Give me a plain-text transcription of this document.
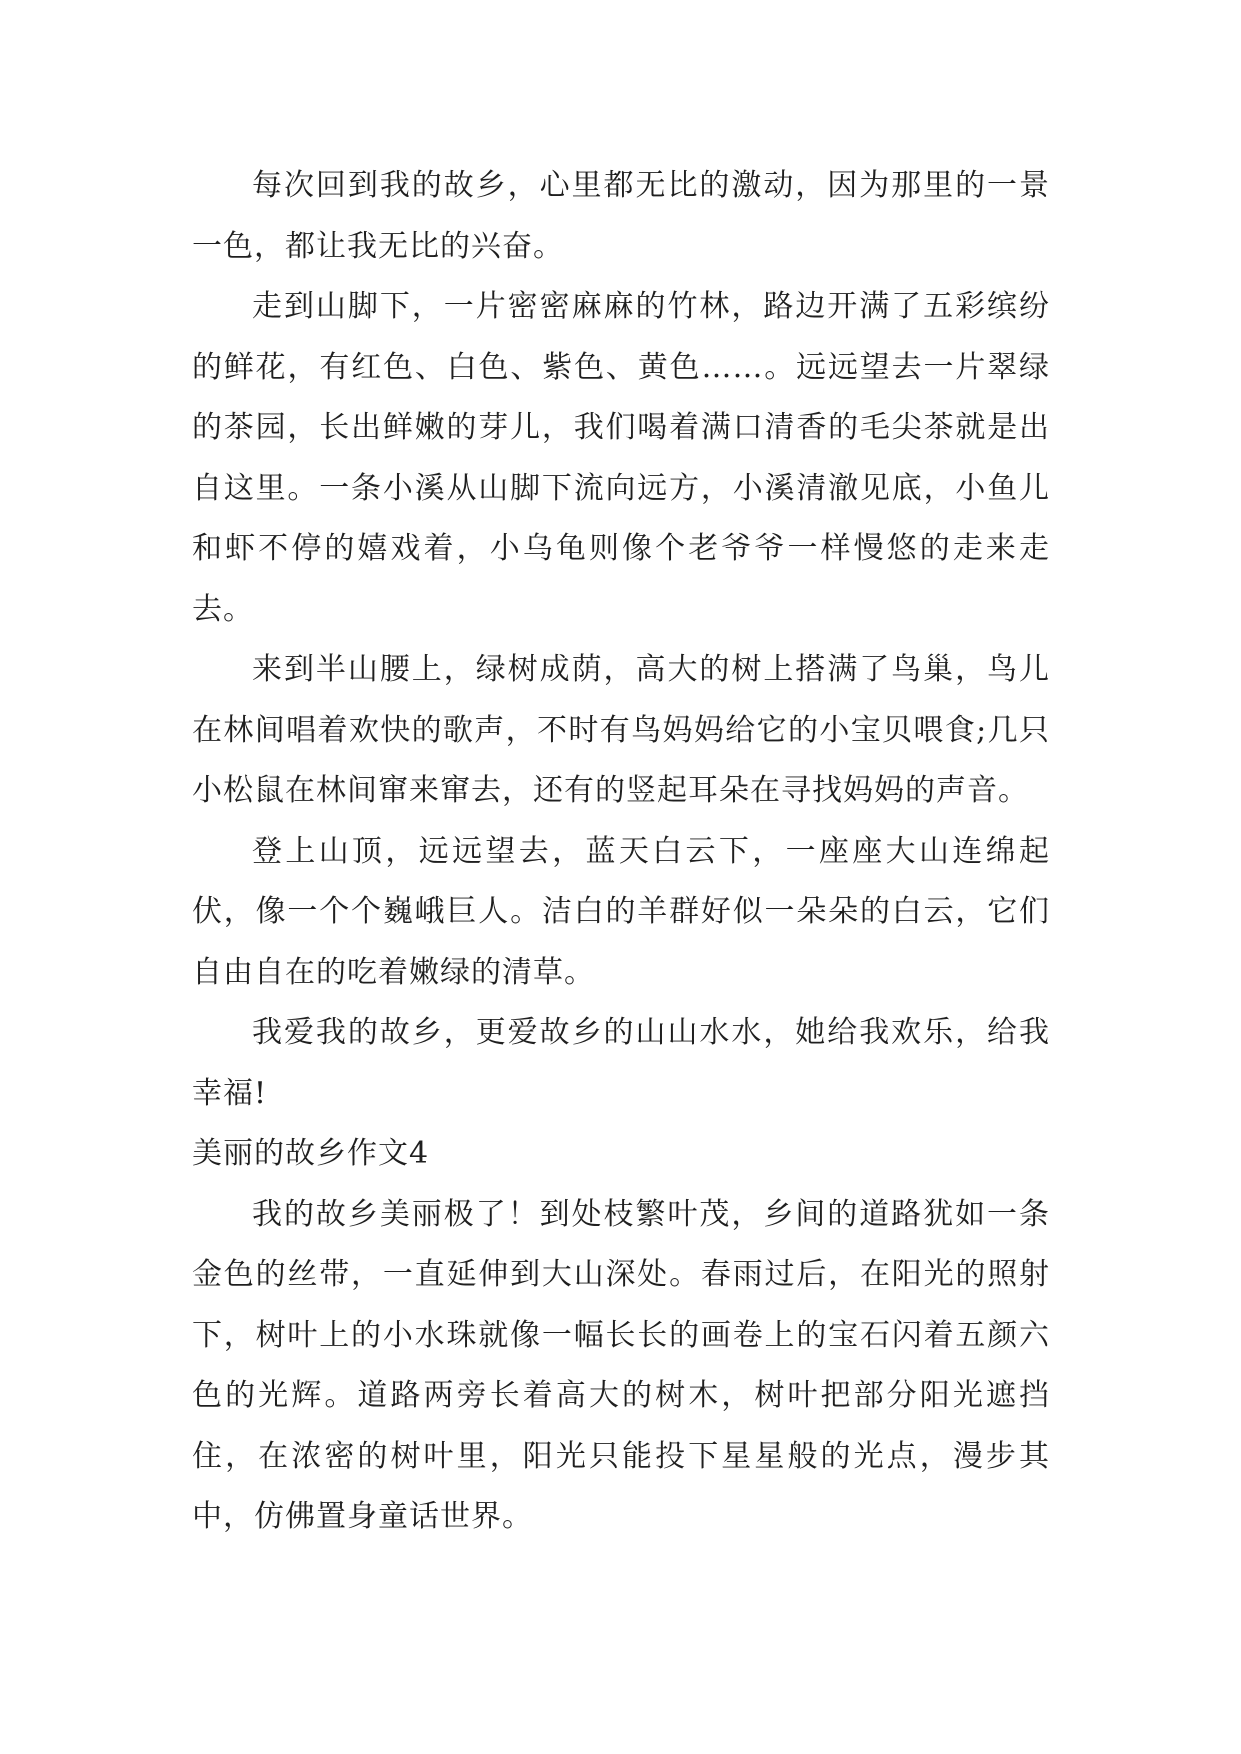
每次回到我的故乡，心里都无比的激动，因为那里的一景一色，都让我无比的兴奋。

走到山脚下，一片密密麻麻的竹林，路边开满了五彩缤纷的鲜花，有红色、白色、紫色、黄色……。远远望去一片翠绿的茶园，长出鲜嫩的芽儿，我们喝着满口清香的毛尖茶就是出自这里。一条小溪从山脚下流向远方，小溪清澈见底，小鱼儿和虾不停的嬉戏着，小乌龟则像个老爷爷一样慢悠的走来走去。

来到半山腰上，绿树成荫，高大的树上搭满了鸟巢，鸟儿在林间唱着欢快的歌声，不时有鸟妈妈给它的小宝贝喂食;几只小松鼠在林间窜来窜去，还有的竖起耳朵在寻找妈妈的声音。

登上山顶，远远望去，蓝天白云下，一座座大山连绵起伏，像一个个巍峨巨人。洁白的羊群好似一朵朵的白云，它们自由自在的吃着嫩绿的清草。

我爱我的故乡，更爱故乡的山山水水，她给我欢乐，给我幸福!

美丽的故乡作文4

我的故乡美丽极了！到处枝繁叶茂，乡间的道路犹如一条金色的丝带，一直延伸到大山深处。春雨过后，在阳光的照射下，树叶上的小水珠就像一幅长长的画卷上的宝石闪着五颜六色的光辉。道路两旁长着高大的树木，树叶把部分阳光遮挡住，在浓密的树叶里，阳光只能投下星星般的光点，漫步其中，仿佛置身童话世界。
